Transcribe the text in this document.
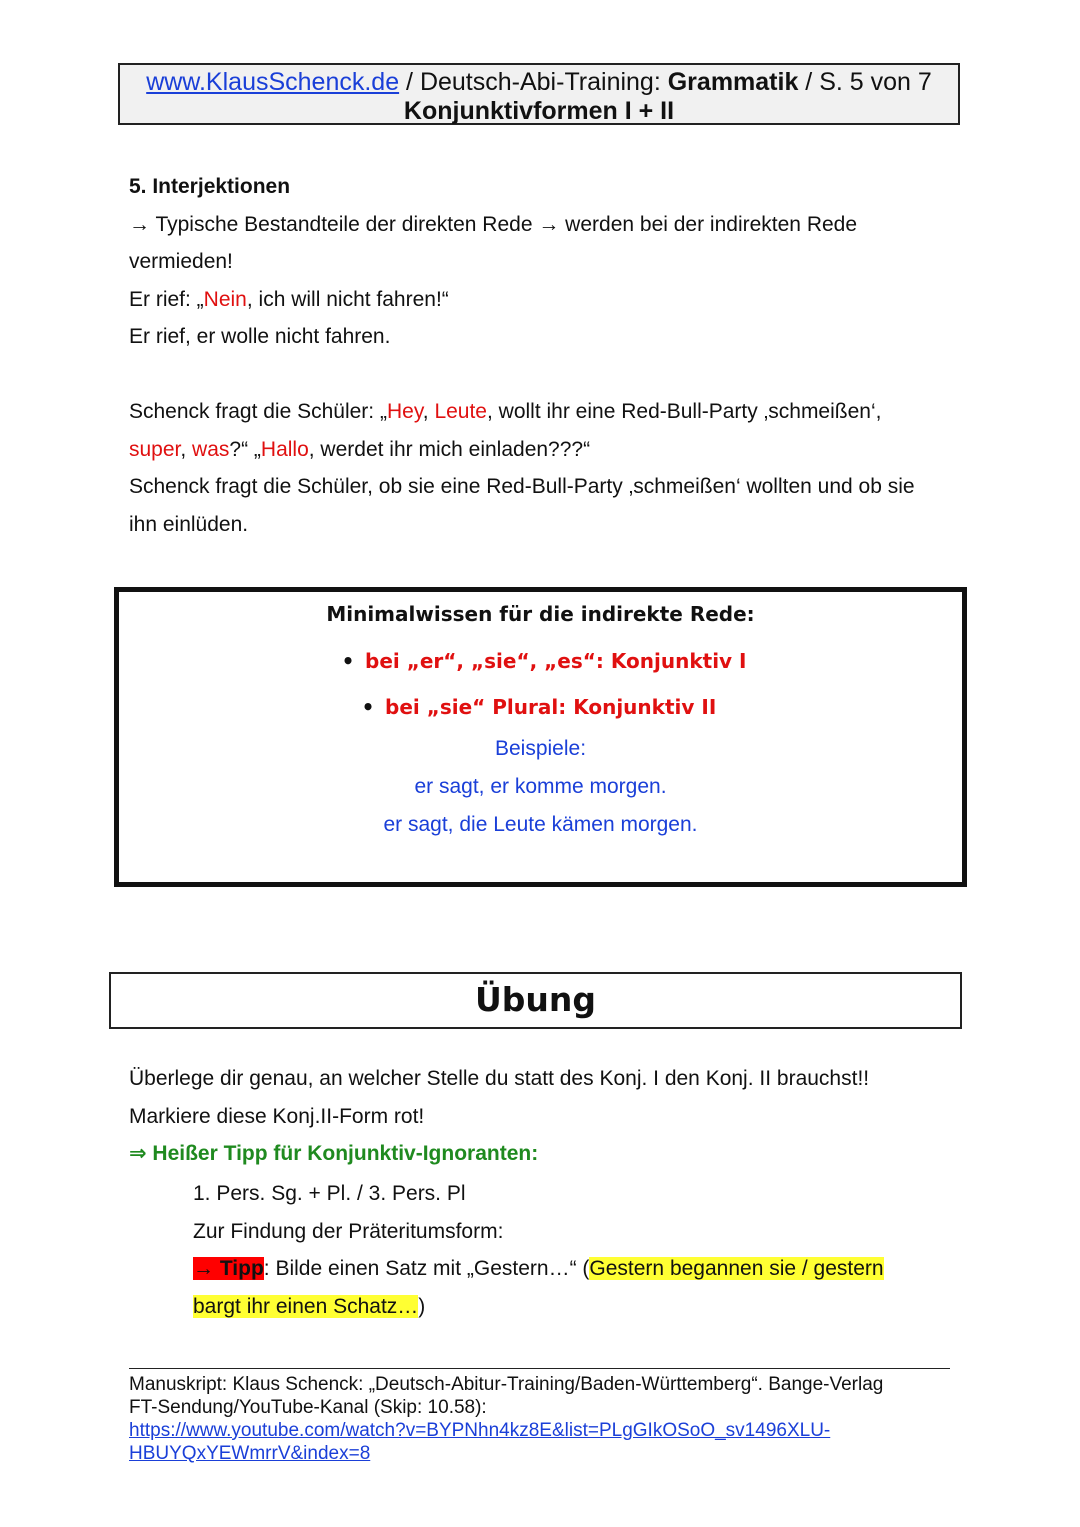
www.KlausSchenck.de / Deutsch-Abi-Training: Grammatik / S. 5 von 7
Konjunktivformen I + II
5. Interjektionen
→ Typische Bestandteile der direkten Rede → werden bei der indirekten Rede
vermieden!
Er rief: „Nein, ich will nicht fahren!“
Er rief, er wolle nicht fahren.
Schenck fragt die Schüler: „Hey, Leute, wollt ihr eine Red-Bull-Party ‚schmeißen‘,
super, was?“ „Hallo, werdet ihr mich einladen???“
Schenck fragt die Schüler, ob sie eine Red-Bull-Party ‚schmeißen‘ wollten und ob sie
ihn einlüden.
Minimalwissen für die indirekte Rede:
• bei „er“, „sie“, „es“: Konjunktiv I
• bei „sie“ Plural: Konjunktiv II
Beispiele:
er sagt, er komme morgen.
er sagt, die Leute kämen morgen.
Übung
Überlege dir genau, an welcher Stelle du statt des Konj. I den Konj. II brauchst!!
Markiere diese Konj.II-Form rot!
⇒ Heißer Tipp für Konjunktiv-Ignoranten:
1. Pers. Sg. + Pl. / 3. Pers. Pl
Zur Findung der Präteritumsform:
→ Tipp: Bilde einen Satz mit „Gestern…“ (Gestern begannen sie / gestern
bargt ihr einen Schatz…)
Manuskript: Klaus Schenck: „Deutsch-Abitur-Training/Baden-Württemberg“. Bange-Verlag
FT-Sendung/YouTube-Kanal (Skip: 10.58):
https://www.youtube.com/watch?v=BYPNhn4kz8E&list=PLgGIkOSoO_sv1496XLU-
HBUYQxYEWmrrV&index=8
